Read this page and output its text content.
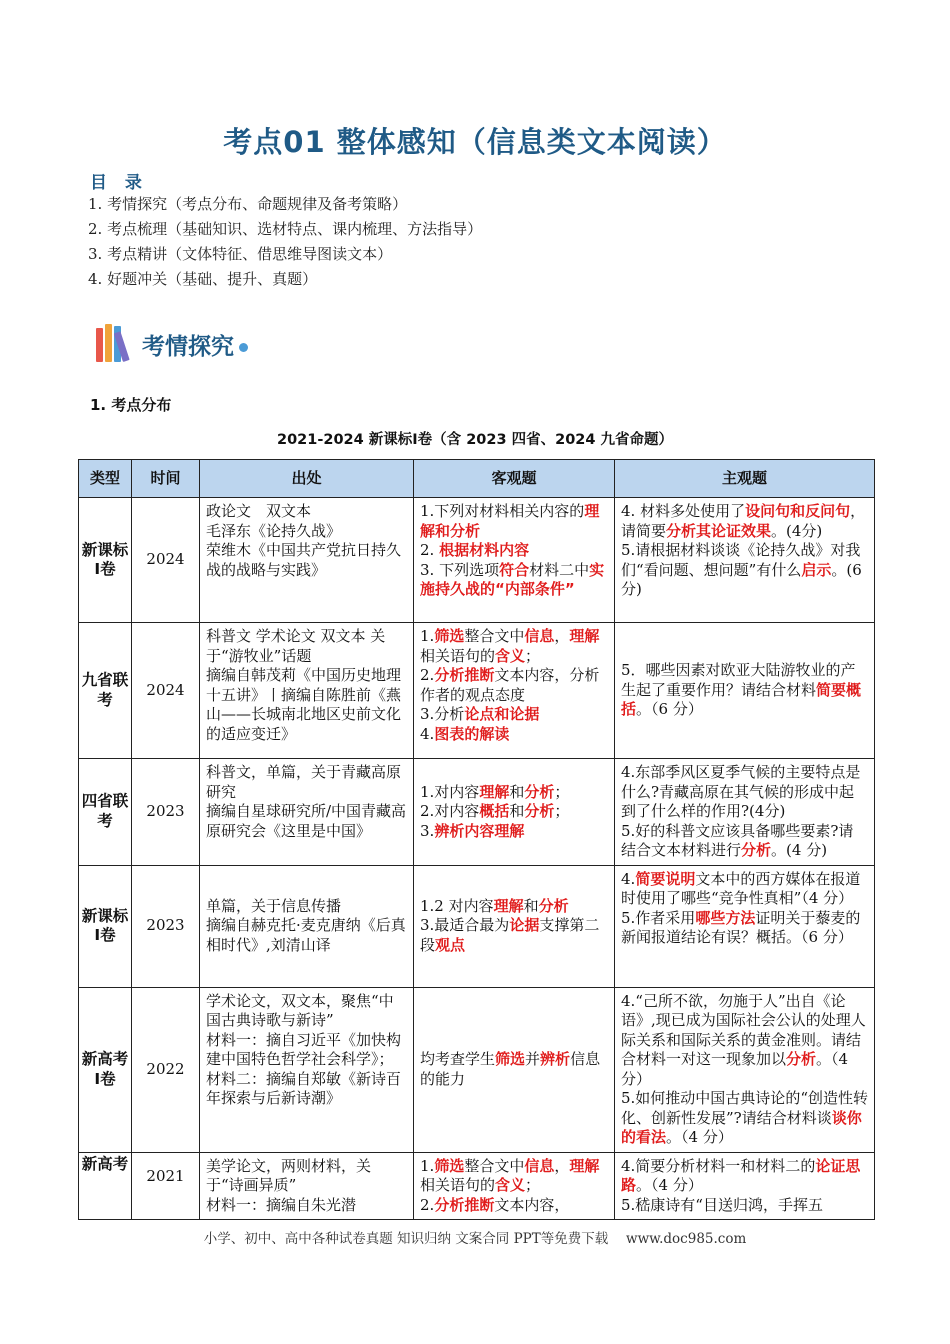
考点01 整体感知（信息类文本阅读）
目 录
1. 考情探究（考点分布、命题规律及备考策略）
2. 考点梳理（基础知识、选材特点、课内梳理、方法指导）
3. 考点精讲（文体特征、借思维导图读文本）
4. 好题冲关（基础、提升、真题）
考情探究
1. 考点分布
2021-2024 新课标Ⅰ卷（含 2023 四省、2024 九省命题）
类型	时间	出处	客观题	主观题
新课标Ⅰ卷	2024	政论文　双文本
毛泽东《论持久战》
荣维木《中国共产党抗日持久战的战略与实践》	1.下列对材料相关内容的理解和分析
2. 根据材料内容
3. 下列选项符合材料二中实施持久战的“内部条件”	4. 材料多处使用了设问句和反问句，请简要分析其论证效果。(4分)
5.请根据材料谈谈《论持久战》对我们“看问题、想问题”有什么启示。(6 分)
九省联考	2024	科普文 学术论文 双文本 关于“游牧业”话题
摘编自韩茂莉《中国历史地理十五讲》丨摘编自陈胜前《燕山——长城南北地区史前文化的适应变迁》	1.筛选整合文中信息，理解相关语句的含义；
2.分析推断文本内容，分析作者的观点态度
3.分析论点和论据
4.图表的解读	5．哪些因素对欧亚大陆游牧业的产生起了重要作用？请结合材料简要概括。（6 分）
四省联考	2023	科普文，单篇，关于青藏高原研究
摘编自星球研究所/中国青藏高原研究会《这里是中国》	1.对内容理解和分析；
2.对内容概括和分析；
3.辨析内容理解	4.东部季风区夏季气候的主要特点是什么?青藏高原在其气候的形成中起到了什么样的作用?(4分)
5.好的科普文应该具备哪些要素?请结合文本材料进行分析。(4 分)
新课标Ⅰ卷	2023	单篇，关于信息传播
摘编自赫克托·麦克唐纳《后真相时代》,刘清山译	1.2 对内容理解和分析
3.最适合最为论据支撑第二段观点	4.简要说明文本中的西方媒体在报道时使用了哪些“竞争性真相”（4 分）
5.作者采用哪些方法证明关于藜麦的新闻报道结论有误？概括。（6 分）
新高考Ⅰ卷	2022	学术论文，双文本，聚焦“中国古典诗歌与新诗”
材料一：摘自习近平《加快构建中国特色哲学社会科学》；材料二：摘编自郑敏《新诗百年探索与后新诗潮》	均考查学生筛选并辨析信息的能力	4.“己所不欲，勿施于人”出自《论语》,现已成为国际社会公认的处理人际关系和国际关系的黄金准则。请结合材料一对这一现象加以分析。（4 分）
5.如何推动中国古典诗论的“创造性转化、创新性发展”?请结合材料谈谈你的看法。（4 分）
新高考	2021	美学论文，两则材料，关于“诗画异质”
材料一：摘编自朱光潜	1.筛选整合文中信息，理解相关语句的含义；
2.分析推断文本内容，	4.简要分析材料一和材料二的论证思路。（4 分）
5.嵇康诗有“目送归鸿，手挥五
小学、初中、高中各种试卷真题 知识归纳 文案合同 PPT等免费下载　 www.doc985.com
